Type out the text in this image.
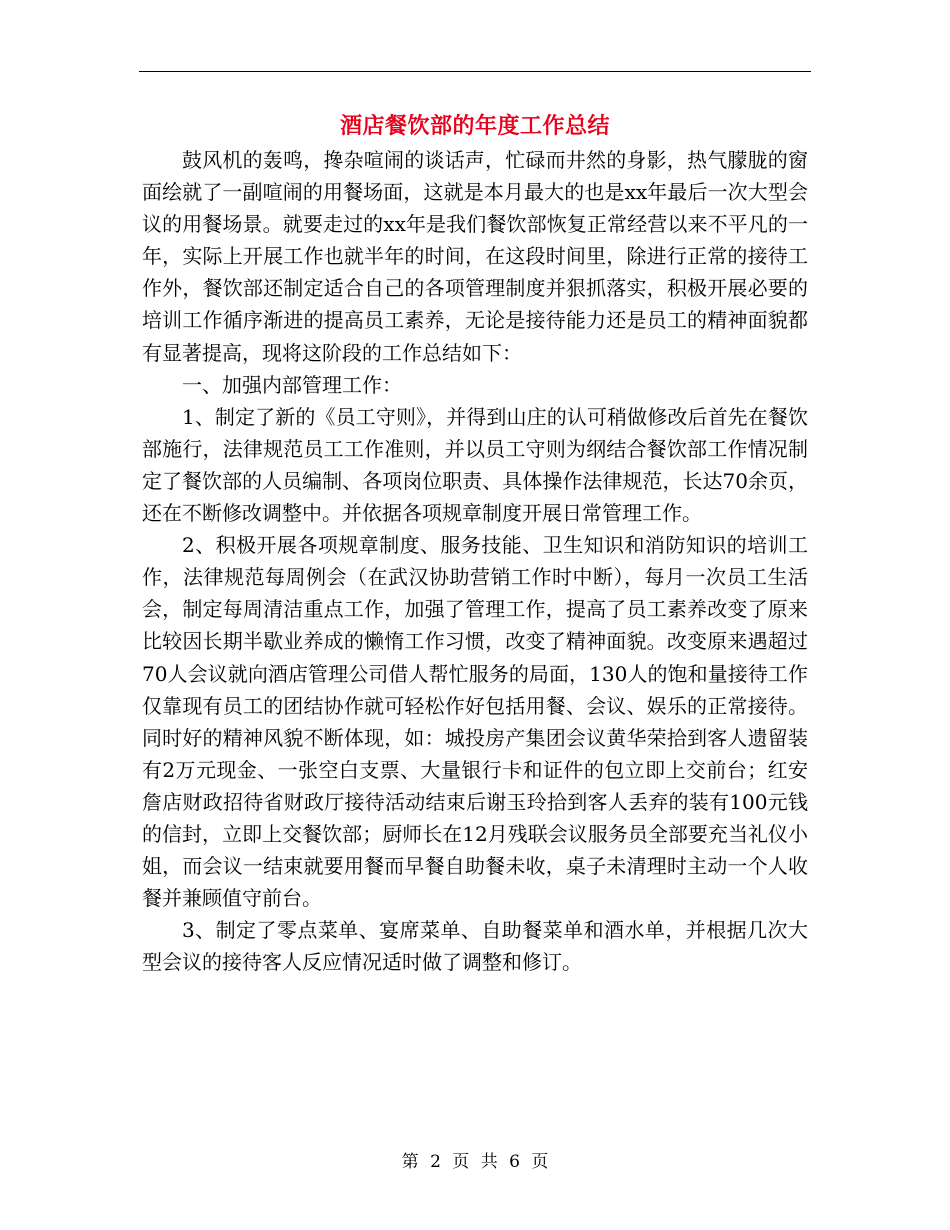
酒店餐饮部的年度工作总结

鼓风机的轰鸣，搀杂喧闹的谈话声，忙碌而井然的身影，热气朦胧的窗面绘就了一副喧闹的用餐场面，这就是本月最大的也是xx年最后一次大型会议的用餐场景。就要走过的xx年是我们餐饮部恢复正常经营以来不平凡的一年，实际上开展工作也就半年的时间，在这段时间里，除进行正常的接待工作外，餐饮部还制定适合自己的各项管理制度并狠抓落实，积极开展必要的培训工作循序渐进的提高员工素养，无论是接待能力还是员工的精神面貌都有显著提高，现将这阶段的工作总结如下：

一、加强内部管理工作：

1、制定了新的《员工守则》，并得到山庄的认可稍做修改后首先在餐饮部施行，法律规范员工工作准则，并以员工守则为纲结合餐饮部工作情况制定了餐饮部的人员编制、各项岗位职责、具体操作法律规范，长达70余页，还在不断修改调整中。并依据各项规章制度开展日常管理工作。

2、积极开展各项规章制度、服务技能、卫生知识和消防知识的培训工作，法律规范每周例会（在武汉协助营销工作时中断），每月一次员工生活会，制定每周清洁重点工作，加强了管理工作，提高了员工素养改变了原来比较因长期半歇业养成的懒惰工作习惯，改变了精神面貌。改变原来遇超过70人会议就向酒店管理公司借人帮忙服务的局面，130人的饱和量接待工作仅靠现有员工的团结协作就可轻松作好包括用餐、会议、娱乐的正常接待。同时好的精神风貌不断体现，如：城投房产集团会议黄华荣拾到客人遗留装有2万元现金、一张空白支票、大量银行卡和证件的包立即上交前台；红安詹店财政招待省财政厅接待活动结束后谢玉玲拾到客人丢弃的装有100元钱的信封，立即上交餐饮部；厨师长在12月残联会议服务员全部要充当礼仪小姐，而会议一结束就要用餐而早餐自助餐未收，桌子未清理时主动一个人收餐并兼顾值守前台。

3、制定了零点菜单、宴席菜单、自助餐菜单和酒水单，并根据几次大型会议的接待客人反应情况适时做了调整和修订。

第 2 页 共 6 页
